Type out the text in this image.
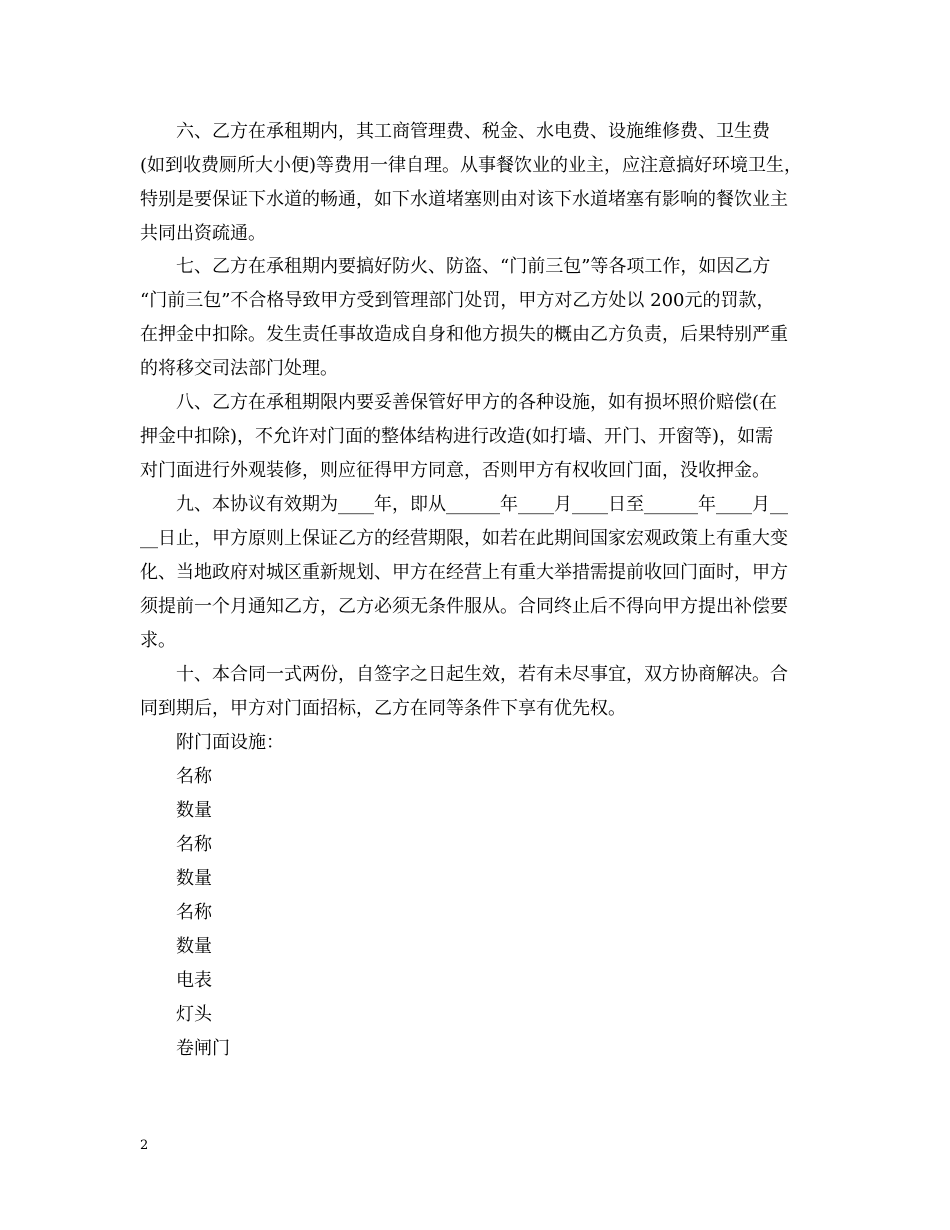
六、乙方在承租期内，其工商管理费、税金、水电费、设施维修费、卫生费
(如到收费厕所大小便)等费用一律自理。从事餐饮业的业主，应注意搞好环境卫生，
特别是要保证下水道的畅通，如下水道堵塞则由对该下水道堵塞有影响的餐饮业主
共同出资疏通。
七、乙方在承租期内要搞好防火、防盗、“门前三包”等各项工作，如因乙方
“门前三包”不合格导致甲方受到管理部门处罚，甲方对乙方处以 200元的罚款，
在押金中扣除。发生责任事故造成自身和他方损失的概由乙方负责，后果特别严重
的将移交司法部门处理。
八、乙方在承租期限内要妥善保管好甲方的各种设施，如有损坏照价赔偿(在
押金中扣除)，不允许对门面的整体结构进行改造(如打墙、开门、开窗等)，如需
对门面进行外观装修，则应征得甲方同意，否则甲方有权收回门面，没收押金。
九、本协议有效期为____年，即从______年____月____日至______年____月__
__日止，甲方原则上保证乙方的经营期限，如若在此期间国家宏观政策上有重大变
化、当地政府对城区重新规划、甲方在经营上有重大举措需提前收回门面时，甲方
须提前一个月通知乙方，乙方必须无条件服从。合同终止后不得向甲方提出补偿要
求。
十、本合同一式两份，自签字之日起生效，若有未尽事宜，双方协商解决。合
同到期后，甲方对门面招标，乙方在同等条件下享有优先权。
附门面设施：
名称
数量
名称
数量
名称
数量
电表
灯头
卷闸门
2
